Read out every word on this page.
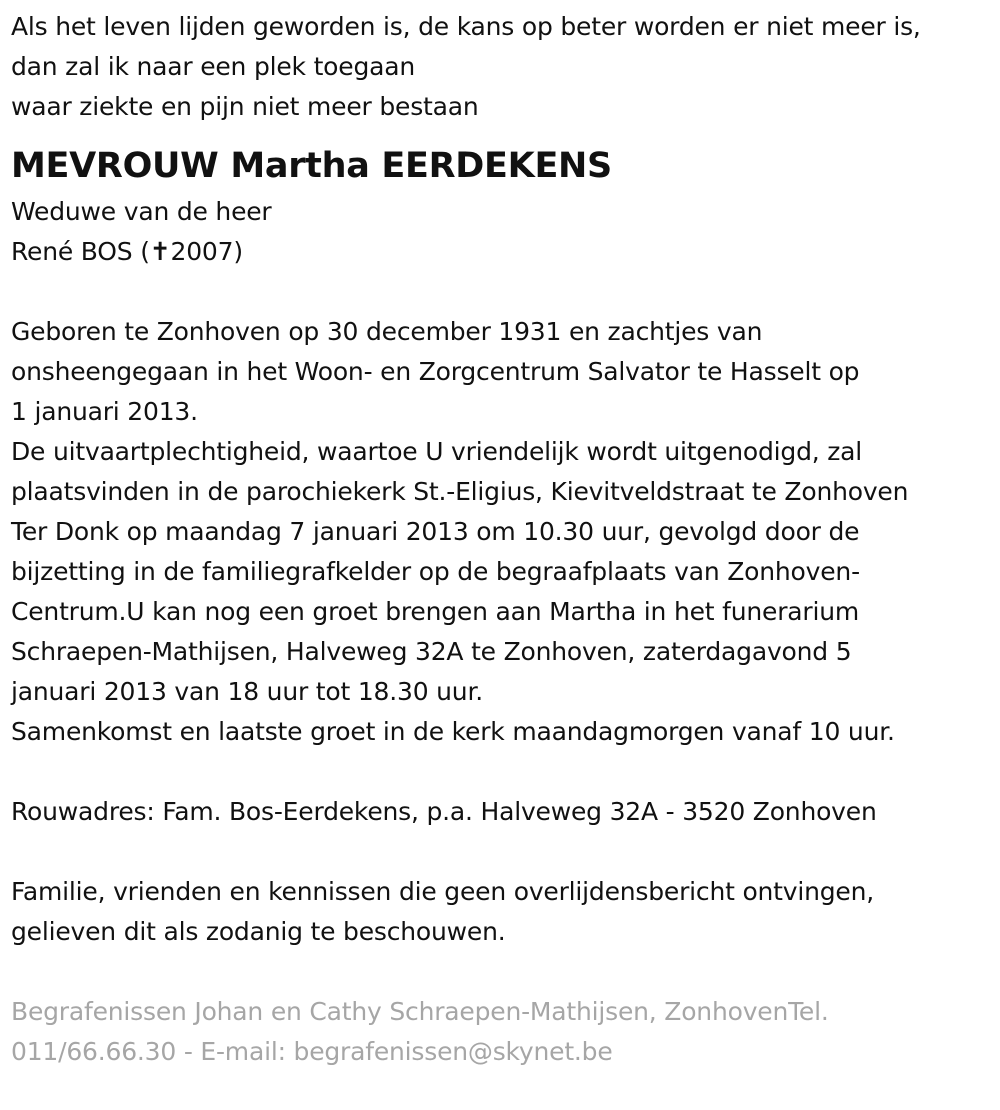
Als het leven lijden geworden is, de kans op beter worden er niet meer is,
dan zal ik naar een plek toegaan
waar ziekte en pijn niet meer bestaan
MEVROUW Martha EERDEKENS
Weduwe van de heer
René BOS (✝2007)
Geboren te Zonhoven op 30 december 1931 en zachtjes van
onsheengegaan in het Woon- en Zorgcentrum Salvator te Hasselt op
1 januari 2013.
De uitvaartplechtigheid, waartoe U vriendelijk wordt uitgenodigd, zal
plaatsvinden in de parochiekerk St.-Eligius, Kievitveldstraat te Zonhoven
Ter Donk op maandag 7 januari 2013 om 10.30 uur, gevolgd door de
bijzetting in de familiegrafkelder op de begraafplaats van Zonhoven-
Centrum.U kan nog een groet brengen aan Martha in het funerarium
Schraepen-Mathijsen, Halveweg 32A te Zonhoven, zaterdagavond 5
januari 2013 van 18 uur tot 18.30 uur.
Samenkomst en laatste groet in de kerk maandagmorgen vanaf 10 uur.
Rouwadres: Fam. Bos-Eerdekens, p.a. Halveweg 32A - 3520 Zonhoven
Familie, vrienden en kennissen die geen overlijdensbericht ontvingen,
gelieven dit als zodanig te beschouwen.
Begrafenissen Johan en Cathy Schraepen-Mathijsen, ZonhovenTel.
011/66.66.30 - E-mail: begrafenissen@skynet.be
